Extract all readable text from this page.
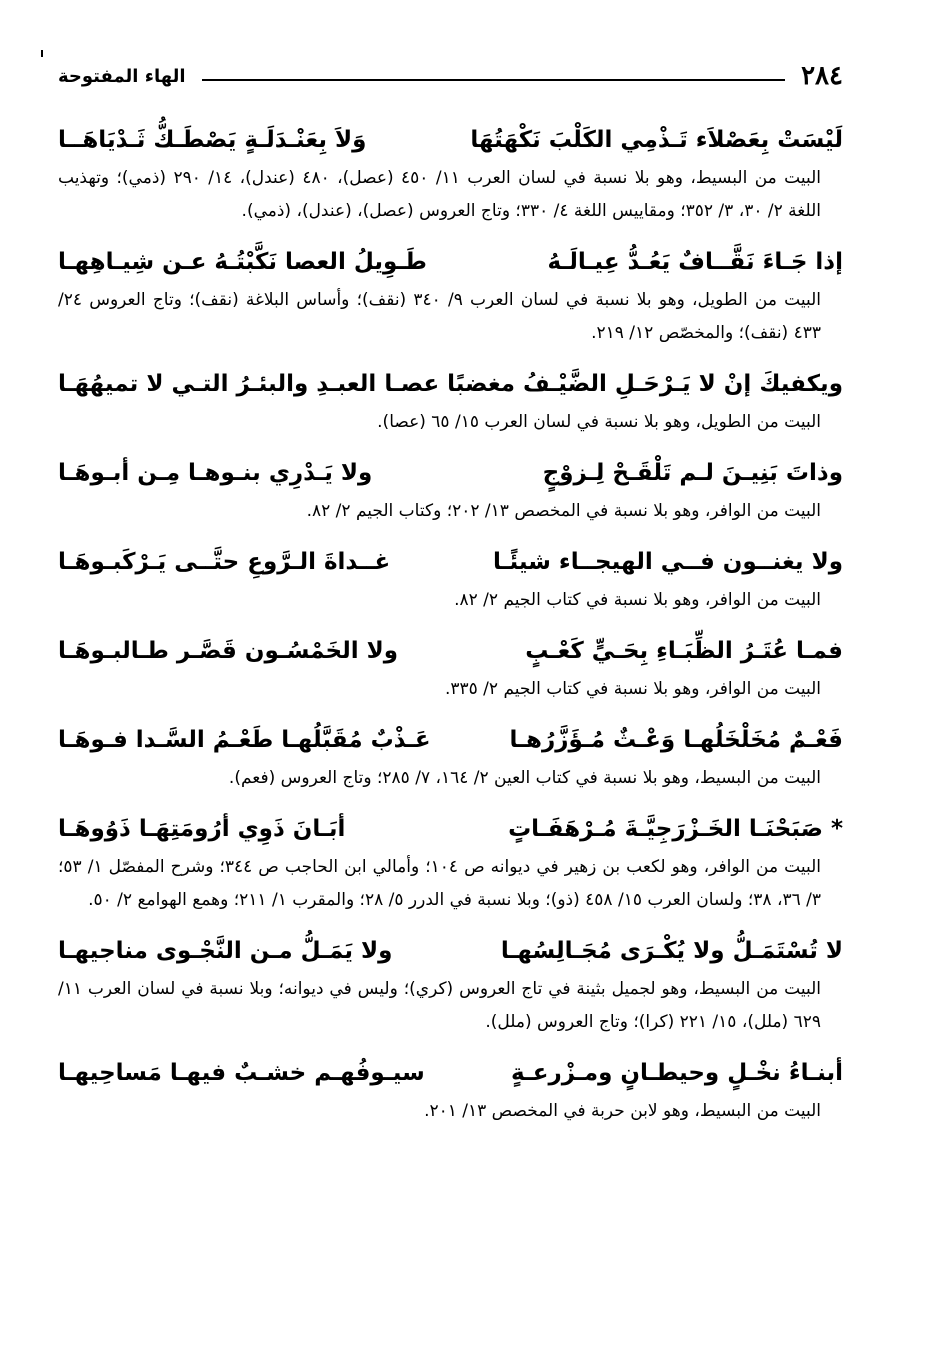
٢٨٤
الهاء المفتوحة
لَيْسَتْ بِعَصْلاَء تَـذْمِي الكَلْبَ نَكْهَتُهَا
وَلاَ بِعَنْـدَلَـةٍ يَصْطَـكُّ ثَـدْيَاهَــا

البيت من البسيط، وهو بلا نسبة في لسان العرب ١١/ ٤٥٠ (عصل)، ٤٨٠ (عندل)، ١٤/ ٢٩٠ (ذمي)؛ وتهذيب اللغة ٢/ ٣٠، ٣/ ٣٥٢؛ ومقاييس اللغة ٤/ ٣٣٠؛ وتاج العروس (عصل)، (عندل)، (ذمي).

إذا جَـاءَ نَقَّــافٌ يَعُـدُّ عِيـالَـهُ
طَـوِيلُ العصا نَكَّبْتُـهُ عـن شِيـاهِهـا

البيت من الطويل، وهو بلا نسبة في لسان العرب ٩/ ٣٤٠ (نقف)؛ وأساس البلاغة (نقف)؛ وتاج العروس ٢٤/ ٤٣٣ (نقف)؛ والمخصّص ١٢/ ٢١٩.

ويكفيكَ إنْ لا يَـرْحَـلِ الضَّيْـفُ مغضبًا
عصـا العبـدِ والبئـرُ التـي لا تميهُهَـا

البيت من الطويل، وهو بلا نسبة في لسان العرب ١٥/ ٦٥ (عصا).

وذاتَ بَنِيـنَ لـم تَلْقَـحْ لِـزوْجٍ
ولا يَـدْرِي بنـوهـا مِـن أبـوهَـا

البيت من الوافر، وهو بلا نسبة في المخصص ١٣/ ٢٠٢؛ وكتاب الجيم ٢/ ٨٢.

ولا يغنــون فــي الهيجــاء شيئًـا
غــداةَ الـرَّوعِ حتَّــى يَـرْكَبـوهَـا

البيت من الوافر، وهو بلا نسبة في كتاب الجيم ٢/ ٨٢.

فمـا عُتَـرُ الظِّبَـاءِ بِحَـيٍّ كَعْـبٍ
ولا الخَمْسُـون قَصَّـر طـالبـوهَـا

البيت من الوافر، وهو بلا نسبة في كتاب الجيم ٢/ ٣٣٥.

فَعْـمٌ مُخَلْخَلُهـا وَعْـثٌ مُـؤَزَّرُهـا
عَـذْبٌ مُقَبَّلُهـا طَعْـمُ السَّـدا فـوهَـا

البيت من البسيط، وهو بلا نسبة في كتاب العين ٢/ ١٦٤، ٧/ ٢٨٥؛ وتاج العروس (فعم).

* صَبَحْنَـا الخَـزْرَجِيَّـةَ مُـرْهَفَـاتٍ
أبَـانَ ذَوِي أرُومَتِهَـا ذَوُوهَـا

البيت من الوافر، وهو لكعب بن زهير في ديوانه ص ١٠٤؛ وأمالي ابن الحاجب ص ٣٤٤؛ وشرح المفصّل ١/ ٥٣؛ ٣/ ٣٦، ٣٨؛ ولسان العرب ١٥/ ٤٥٨ (ذو)؛ وبلا نسبة في الدرر ٥/ ٢٨؛ والمقرب ١/ ٢١١؛ وهمع الهوامع ٢/ ٥٠.

لا تُسْتَمَـلُّ ولا يُكْـرَى مُجَـالِسُهـا
ولا يَمَـلُّ مـن النَّجْـوى مناجيهـا

البيت من البسيط، وهو لجميل بثينة في تاج العروس (كري)؛ وليس في ديوانه؛ وبلا نسبة في لسان العرب ١١/ ٦٢٩ (ملل)، ١٥/ ٢٢١ (كرا)؛ وتاج العروس (ملل).

أبنـاءُ نخْـلٍ وحيطـانٍ ومـزْرعـةٍ
سيـوفُهـم خشـبٌ فيهـا مَساحِيهـا

البيت من البسيط، وهو لابن حربة في المخصص ١٣/ ٢٠١.
